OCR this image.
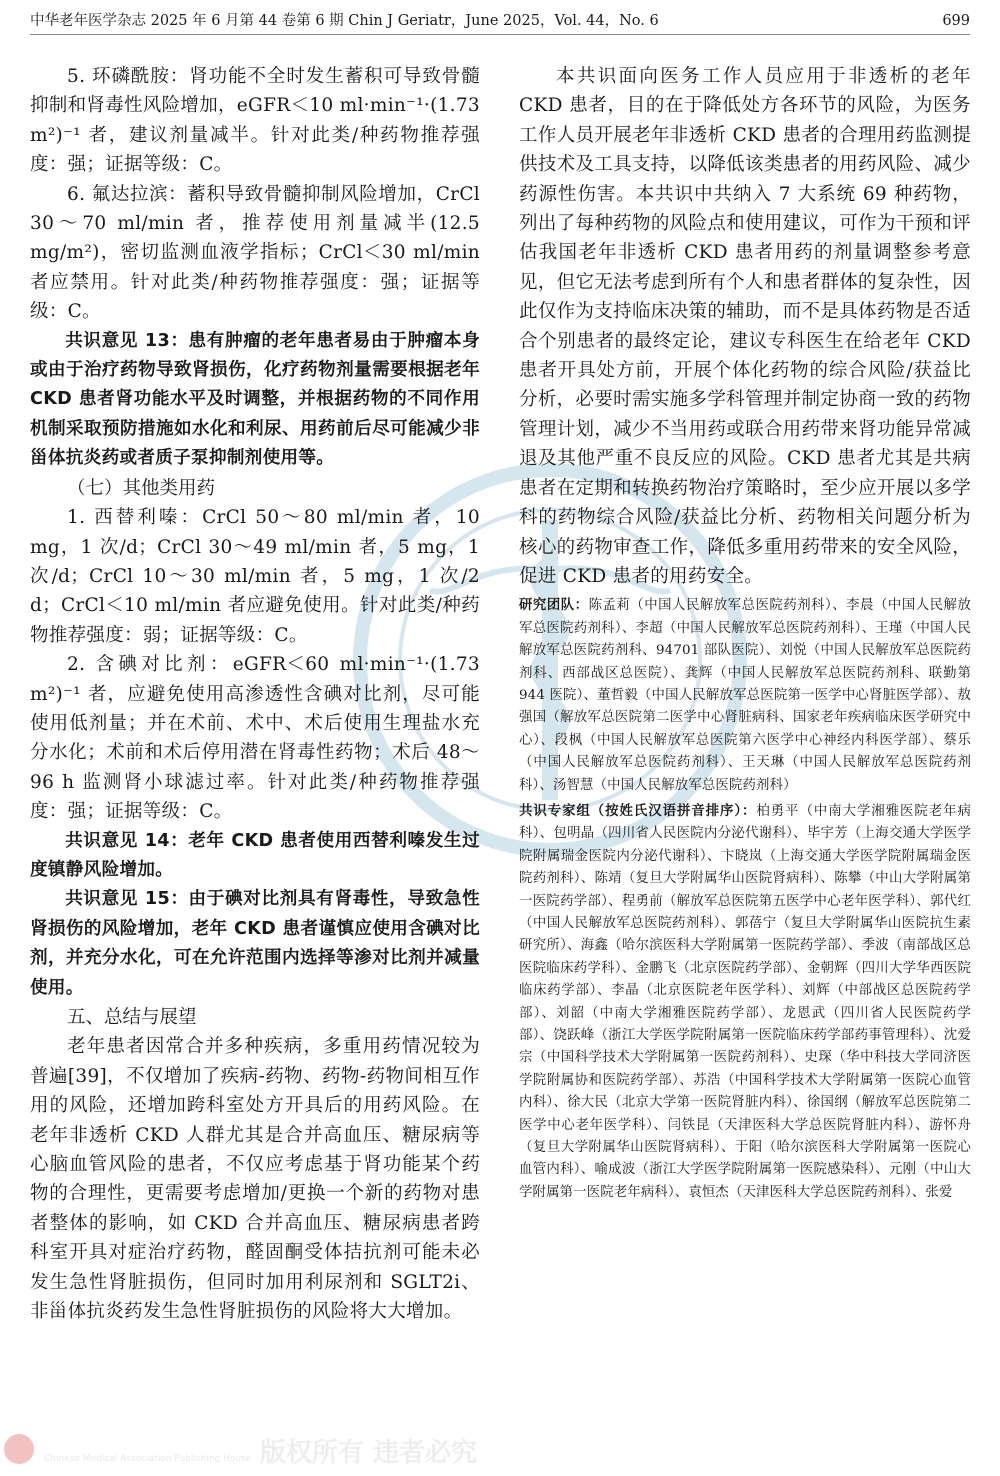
中华老年医学杂志 2025 年 6 月第 44 卷第 6 期 Chin J Geriatr，June 2025，Vol. 44，No. 6	699

5. 环磷酰胺：肾功能不全时发生蓄积可导致骨髓抑制和肾毒性风险增加，eGFR＜10 ml·min⁻¹·(1.73 m²)⁻¹ 者，建议剂量减半。针对此类/种药物推荐强度：强；证据等级：C。

6. 氟达拉滨：蓄积导致骨髓抑制风险增加，CrCl 30～70 ml/min 者，推荐使用剂量减半(12.5 mg/m²)，密切监测血液学指标；CrCl＜30 ml/min 者应禁用。针对此类/种药物推荐强度：强；证据等级：C。

共识意见 13：患有肿瘤的老年患者易由于肿瘤本身或由于治疗药物导致肾损伤，化疗药物剂量需要根据老年 CKD 患者肾功能水平及时调整，并根据药物的不同作用机制采取预防措施如水化和利尿、用药前后尽可能减少非甾体抗炎药或者质子泵抑制剂使用等。

（七）其他类用药

1. 西替利嗪：CrCl 50～80 ml/min 者，10 mg，1 次/d；CrCl 30～49 ml/min 者，5 mg，1 次/d；CrCl 10～30 ml/min 者，5 mg，1 次/2 d；CrCl＜10 ml/min 者应避免使用。针对此类/种药物推荐强度：弱；证据等级：C。

2. 含碘对比剂：eGFR＜60 ml·min⁻¹·(1.73 m²)⁻¹ 者，应避免使用高渗透性含碘对比剂，尽可能使用低剂量；并在术前、术中、术后使用生理盐水充分水化；术前和术后停用潜在肾毒性药物；术后 48～96 h 监测肾小球滤过率。针对此类/种药物推荐强度：强；证据等级：C。

共识意见 14：老年 CKD 患者使用西替利嗪发生过度镇静风险增加。

共识意见 15：由于碘对比剂具有肾毒性，导致急性肾损伤的风险增加，老年 CKD 患者谨慎应使用含碘对比剂，并充分水化，可在允许范围内选择等渗对比剂并减量使用。

五、总结与展望

老年患者因常合并多种疾病，多重用药情况较为普遍[39]，不仅增加了疾病-药物、药物-药物间相互作用的风险，还增加跨科室处方开具后的用药风险。在老年非透析 CKD 人群尤其是合并高血压、糖尿病等心脑血管风险的患者，不仅应考虑基于肾功能某个药物的合理性，更需要考虑增加/更换一个新的药物对患者整体的影响，如 CKD 合并高血压、糖尿病患者跨科室开具对症治疗药物，醛固酮受体拮抗剂可能未必发生急性肾脏损伤，但同时加用利尿剂和 SGLT2i、非甾体抗炎药发生急性肾脏损伤的风险将大大增加。

本共识面向医务工作人员应用于非透析的老年 CKD 患者，目的在于降低处方各环节的风险，为医务工作人员开展老年非透析 CKD 患者的合理用药监测提供技术及工具支持，以降低该类患者的用药风险、减少药源性伤害。本共识中共纳入 7 大系统 69 种药物，列出了每种药物的风险点和使用建议，可作为干预和评估我国老年非透析 CKD 患者用药的剂量调整参考意见，但它无法考虑到所有个人和患者群体的复杂性，因此仅作为支持临床决策的辅助，而不是具体药物是否适合个别患者的最终定论，建议专科医生在给老年 CKD 患者开具处方前，开展个体化药物的综合风险/获益比分析，必要时需实施多学科管理并制定协商一致的药物管理计划，减少不当用药或联合用药带来肾功能异常减退及其他严重不良反应的风险。CKD 患者尤其是共病患者在定期和转换药物治疗策略时，至少应开展以多学科的药物综合风险/获益比分析、药物相关问题分析为核心的药物审查工作，降低多重用药带来的安全风险，促进 CKD 患者的用药安全。

研究团队：陈孟莉（中国人民解放军总医院药剂科）、李晨（中国人民解放军总医院药剂科）、李超（中国人民解放军总医院药剂科）、王瑾（中国人民解放军总医院药剂科、94701 部队医院）、刘悦（中国人民解放军总医院药剂科、西部战区总医院）、龚辉（中国人民解放军总医院药剂科、联勤第 944 医院）、董哲毅（中国人民解放军总医院第一医学中心肾脏医学部）、敖强国（解放军总医院第二医学中心肾脏病科、国家老年疾病临床医学研究中心）、段枫（中国人民解放军总医院第六医学中心神经内科医学部）、蔡乐（中国人民解放军总医院药剂科）、王天琳（中国人民解放军总医院药剂科）、汤智慧（中国人民解放军总医院药剂科）

共识专家组（按姓氏汉语拼音排序）：柏勇平（中南大学湘雅医院老年病科）、包明晶（四川省人民医院内分泌代谢科）、毕宇芳（上海交通大学医学院附属瑞金医院内分泌代谢科）、卞晓岚（上海交通大学医学院附属瑞金医院药剂科）、陈靖（复旦大学附属华山医院肾病科）、陈攀（中山大学附属第一医院药学部）、程勇前（解放军总医院第五医学中心老年医学科）、郭代红（中国人民解放军总医院药剂科）、郭蓓宁（复旦大学附属华山医院抗生素研究所）、海鑫（哈尔滨医科大学附属第一医院药学部）、季波（南部战区总医院临床药学科）、金鹏飞（北京医院药学部）、金朝辉（四川大学华西医院临床药学部）、李晶（北京医院老年医学科）、刘辉（中部战区总医院药学部）、刘韶（中南大学湘雅医院药学部）、龙恩武（四川省人民医院药学部）、饶跃峰（浙江大学医学院附属第一医院临床药学部药事管理科）、沈爱宗（中国科学技术大学附属第一医院药剂科）、史琛（华中科技大学同济医学院附属协和医院药学部）、苏浩（中国科学技术大学附属第一医院心血管内科）、徐大民（北京大学第一医院肾脏内科）、徐国纲（解放军总医院第二医学中心老年医学科）、闫铁昆（天津医科大学总医院肾脏内科）、游怀舟（复旦大学附属华山医院肾病科）、于阳（哈尔滨医科大学附属第一医院心血管内科）、喻成波（浙江大学医学院附属第一医院感染科）、元刚（中山大学附属第一医院老年病科）、袁恒杰（天津医科大学总医院药剂科）、张爱

Chinese Medical Association Publishing House 版权所有 违者必究
